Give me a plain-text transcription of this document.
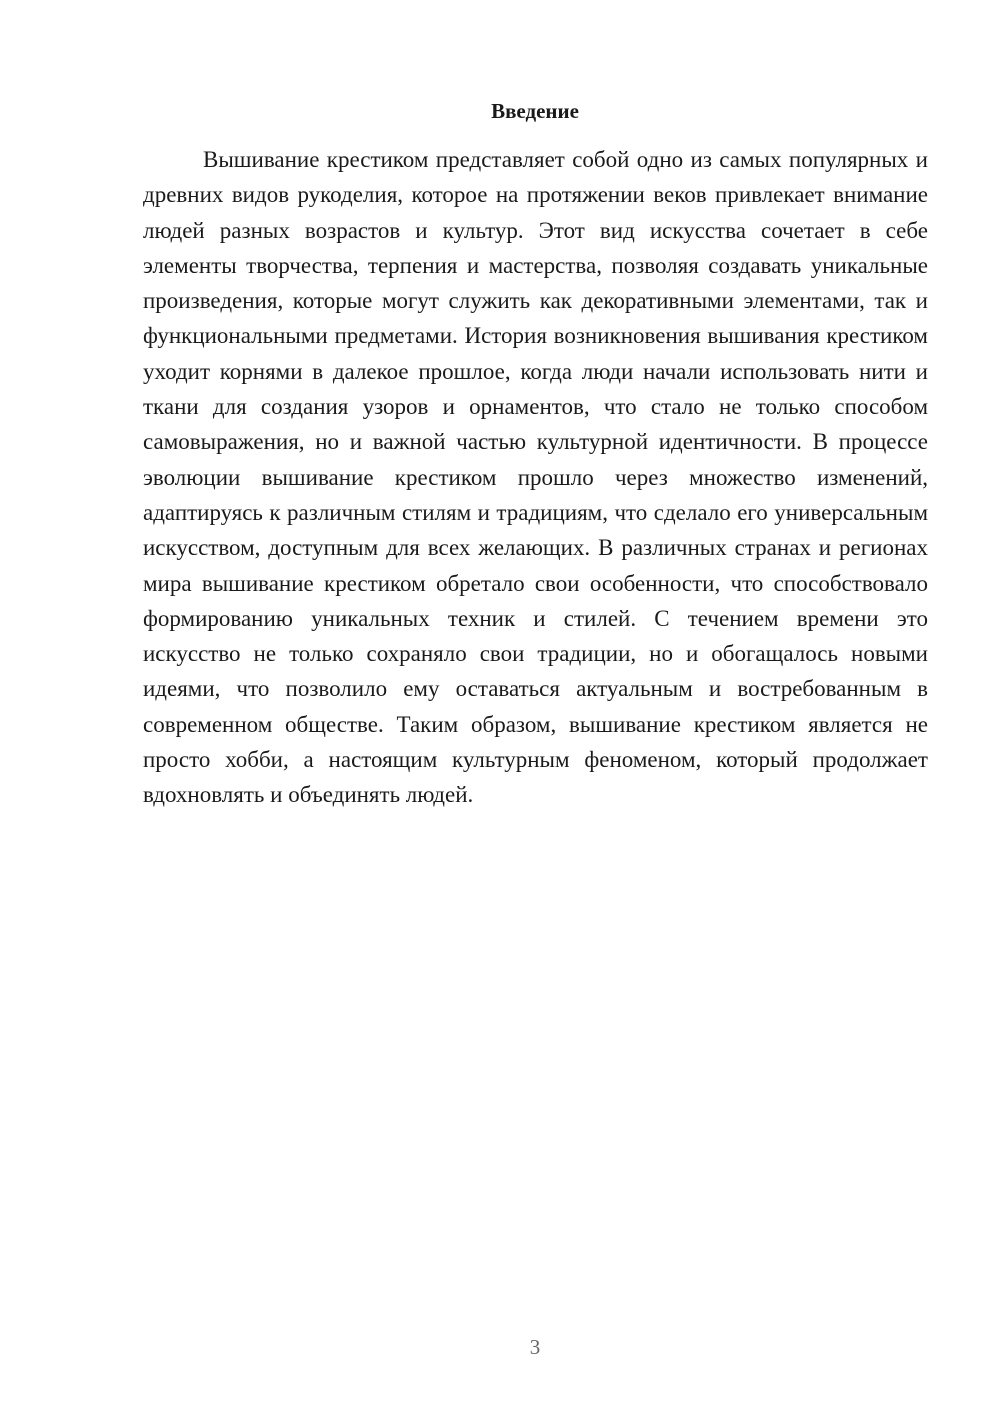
Введение

Вышивание крестиком представляет собой одно из самых популярных и древних видов рукоделия, которое на протяжении веков привлекает внимание людей разных возрастов и культур. Этот вид искусства сочетает в себе элементы творчества, терпения и мастерства, позволяя создавать уникальные произведения, которые могут служить как декоративными элементами, так и функциональными предметами. История возникновения вышивания крестиком уходит корнями в далекое прошлое, когда люди начали использовать нити и ткани для создания узоров и орнаментов, что стало не только способом самовыражения, но и важной частью культурной идентичности. В процессе эволюции вышивание крестиком прошло через множество изменений, адаптируясь к различным стилям и традициям, что сделало его универсальным искусством, доступным для всех желающих. В различных странах и регионах мира вышивание крестиком обретало свои особенности, что способствовало формированию уникальных техник и стилей. С течением времени это искусство не только сохраняло свои традиции, но и обогащалось новыми идеями, что позволило ему оставаться актуальным и востребованным в современном обществе. Таким образом, вышивание крестиком является не просто хобби, а настоящим культурным феноменом, который продолжает вдохновлять и объединять людей.

3
